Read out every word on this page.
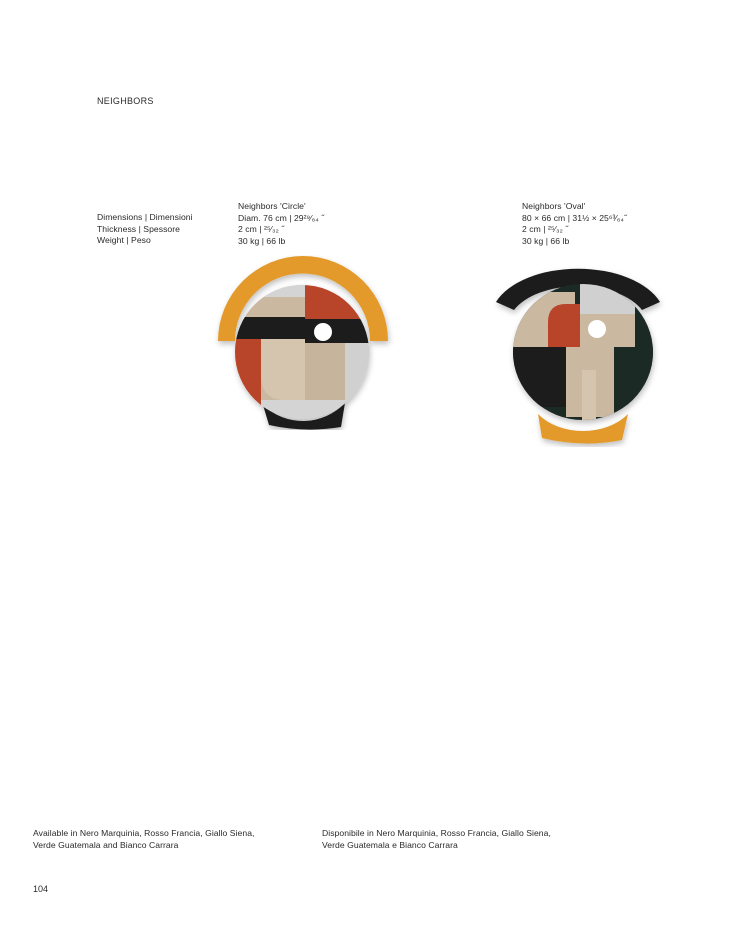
NEIGHBORS
Dimensions | Dimensioni
Thickness | Spessore
Weight | Peso
Neighbors 'Circle'
Diam. 76 cm | 29²⁹⁄₆₄ ˝
2 cm | ²⁵⁄₃₂ ˝
30 kg | 66 lb
Neighbors 'Oval'
80 × 66 cm | 31½ × 25⁶³⁄₆₄˝
2 cm | ²⁵⁄₃₂ ˝
30 kg | 66 lb
Available in Nero Marquinia, Rosso Francia, Giallo Siena,
Verde Guatemala and Bianco Carrara
Disponibile in Nero Marquinia, Rosso Francia, Giallo Siena,
Verde Guatemala e Bianco Carrara
104
